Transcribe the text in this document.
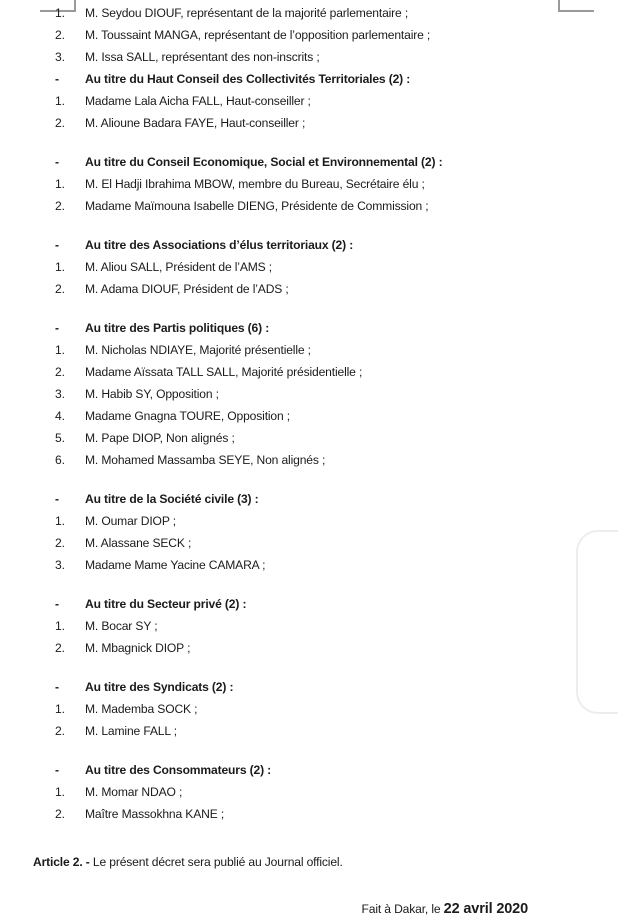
1.	M. Seydou DIOUF, représentant de la majorité parlementaire ;
2.	M. Toussaint MANGA, représentant de l’opposition parlementaire ;
3.	M. Issa SALL, représentant des non-inscrits ;
-	Au titre du Haut Conseil des Collectivités Territoriales (2) :
1.	Madame Lala Aicha FALL, Haut-conseiller ;
2.	M. Alioune Badara FAYE, Haut-conseiller ;
-	Au titre du Conseil Economique, Social et Environnemental (2) :
1.	M. El Hadji Ibrahima MBOW, membre du Bureau, Secrétaire élu ;
2.	Madame Maïmouna Isabelle DIENG, Présidente de Commission ;
-	Au titre des Associations d’élus territoriaux (2) :
1.	M. Aliou SALL, Président de l’AMS ;
2.	M. Adama DIOUF, Président de l’ADS ;
-	Au titre des Partis politiques (6) :
1.	M. Nicholas NDIAYE, Majorité présentielle ;
2.	Madame Aïssata TALL SALL, Majorité présidentielle ;
3.	M. Habib SY, Opposition ;
4.	Madame Gnagna TOURE, Opposition ;
5.	M. Pape DIOP, Non alignés ;
6.	M. Mohamed Massamba SEYE, Non alignés ;
-	Au titre de la Société civile (3) :
1.	M. Oumar DIOP ;
2.	M. Alassane SECK ;
3.	Madame Mame Yacine CAMARA ;
-	Au titre du Secteur privé (2) :
1.	M. Bocar SY ;
2.	M. Mbagnick DIOP ;
-	Au titre des Syndicats (2) :
1.	M. Mademba SOCK ;
2.	M. Lamine FALL ;
-	Au titre des Consommateurs (2) :
1.	M. Momar NDAO ;
2.	Maître Massokhna KANE ;
Article 2. - Le présent décret sera publié au Journal officiel.
Fait à Dakar, le 22 avril 2020
